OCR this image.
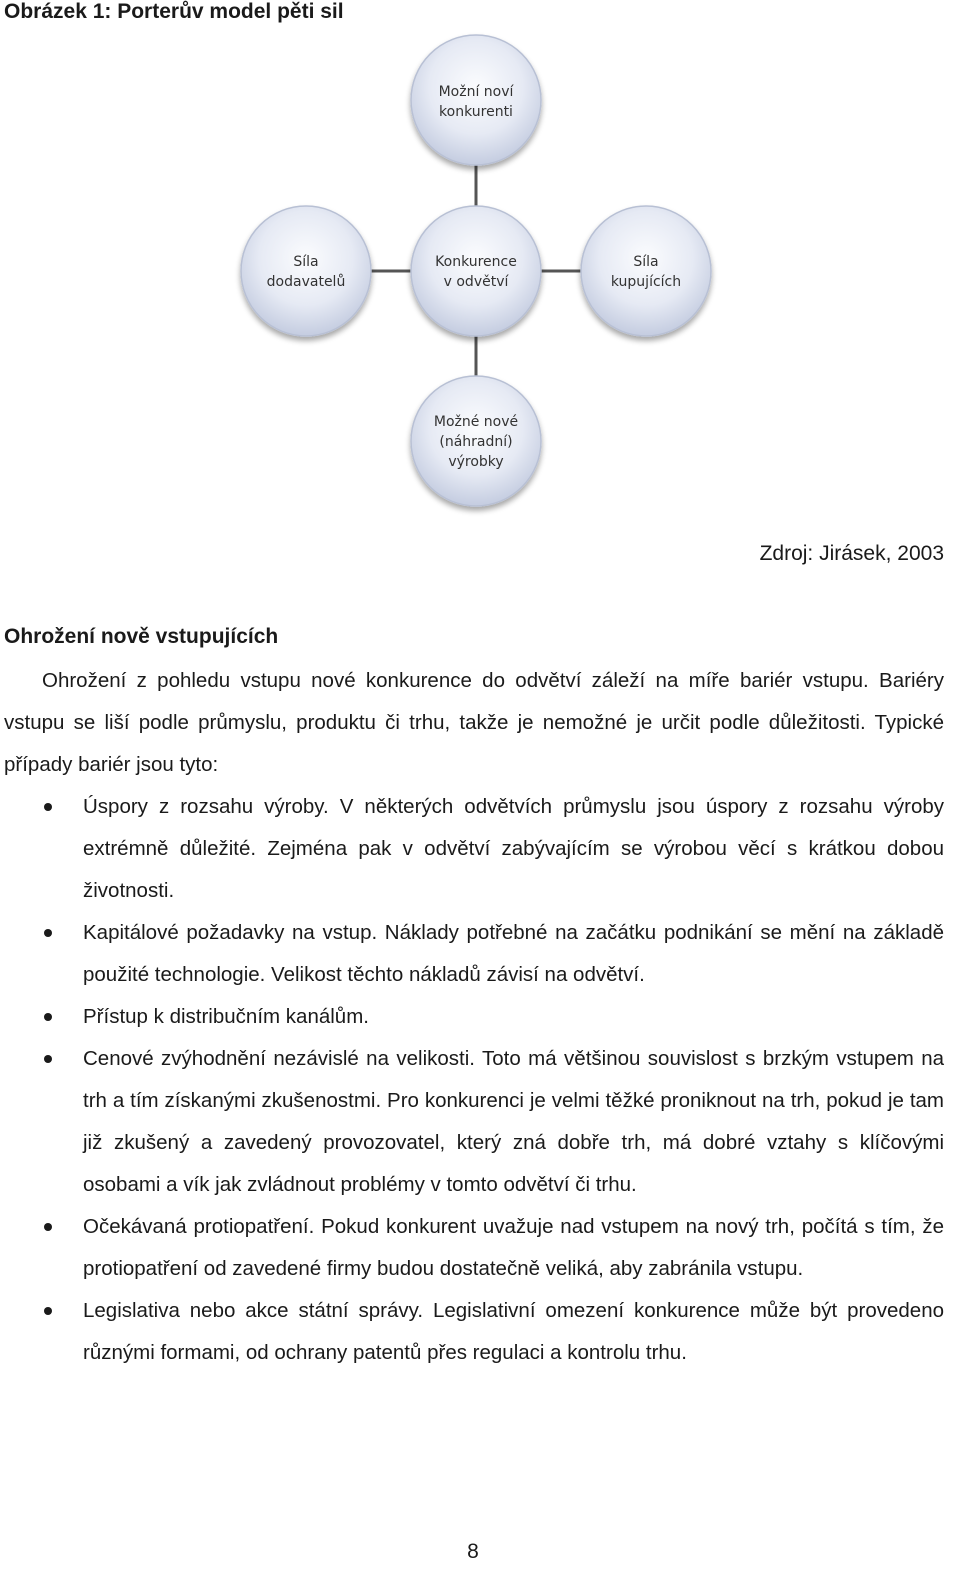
Obrázek 1: Porterův model pěti sil
Možní noví konkurenti
Síla dodavatelů
Konkurence v odvětví
Síla kupujících
Možné nové (náhradní) výrobky
Zdroj: Jirásek, 2003
Ohrožení nově vstupujících

Ohrožení z pohledu vstupu nové konkurence do odvětví záleží na míře bariér vstupu. Bariéry vstupu se liší podle průmyslu, produktu či trhu, takže je nemožné je určit podle důležitosti. Typické případy bariér jsou tyto:

Úspory z rozsahu výroby. V některých odvětvích průmyslu jsou úspory z rozsahu výroby extrémně důležité. Zejména pak v odvětví zabývajícím se výrobou věcí s krátkou dobou životnosti.
Kapitálové požadavky na vstup. Náklady potřebné na začátku podnikání se mění na základě použité technologie. Velikost těchto nákladů závisí na odvětví.
Přístup k distribučním kanálům.
Cenové zvýhodnění nezávislé na velikosti. Toto má většinou souvislost s brzkým vstupem na trh a tím získanými zkušenostmi. Pro konkurenci je velmi těžké proniknout na trh, pokud je tam již zkušený a zavedený provozovatel, který zná dobře trh, má dobré vztahy s klíčovými osobami a vík jak zvládnout problémy v tomto odvětví či trhu.
Očekávaná protiopatření. Pokud konkurent uvažuje nad vstupem na nový trh, počítá s tím, že protiopatření od zavedené firmy budou dostatečně veliká, aby zabránila vstupu.
Legislativa nebo akce státní správy. Legislativní omezení konkurence může být provedeno různými formami, od ochrany patentů přes regulaci a kontrolu trhu.
8
